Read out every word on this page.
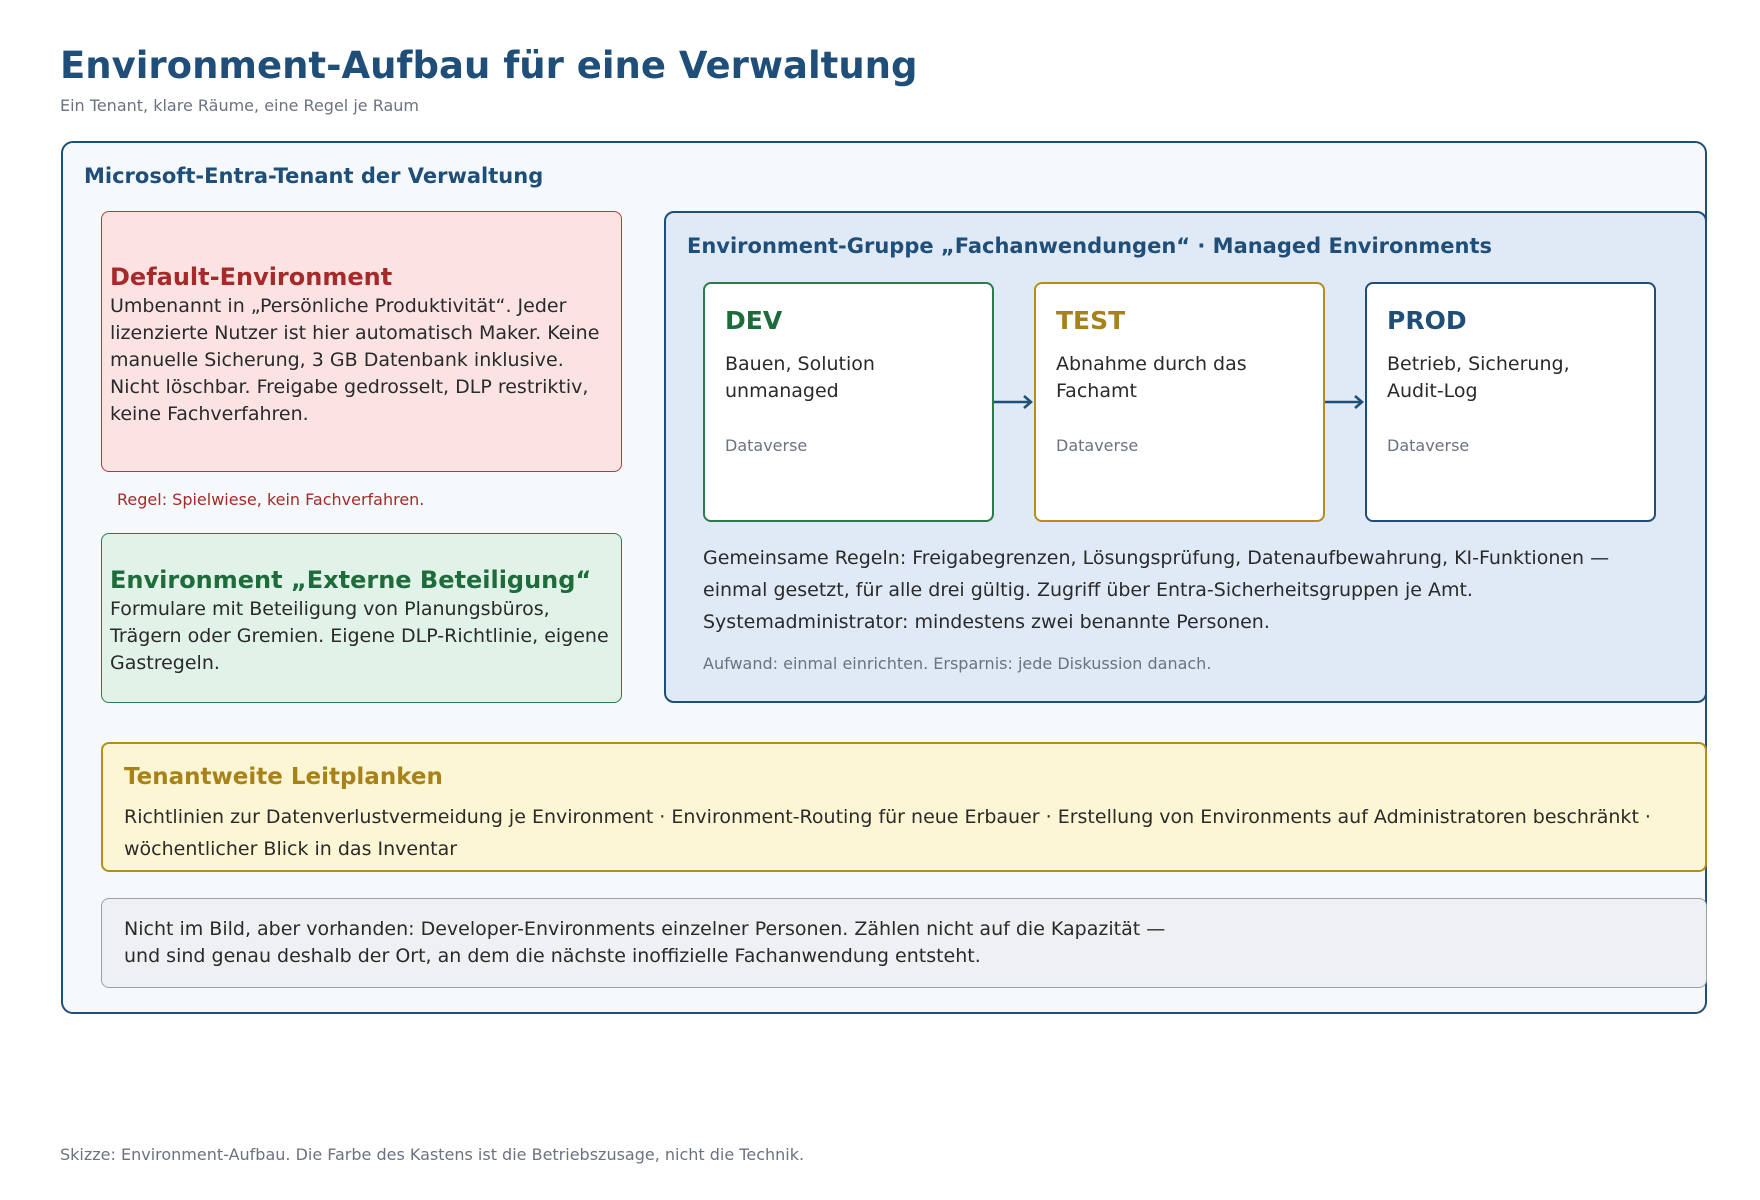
Environment-Aufbau für eine Verwaltung
Ein Tenant, klare Räume, eine Regel je Raum
Microsoft-Entra-Tenant der Verwaltung
Default-Environment
Umbenannt in „Persönliche Produktivität“. Jeder lizenzierte Nutzer ist hier automatisch Maker. Keine manuelle Sicherung, 3 GB Datenbank inklusive. Nicht löschbar. Freigabe gedrosselt, DLP restriktiv, keine Fachverfahren.
Regel: Spielwiese, kein Fachverfahren.
Environment „Externe Beteiligung“
Formulare mit Beteiligung von Planungsbüros, Trägern oder Gremien. Eigene DLP-Richtlinie, eigene Gastregeln.
Environment-Gruppe „Fachanwendungen“ · Managed Environments
DEV
Bauen, Solution unmanaged
Dataverse
TEST
Abnahme durch das Fachamt
Dataverse
PROD
Betrieb, Sicherung, Audit-Log
Dataverse
Gemeinsame Regeln: Freigabegrenzen, Lösungsprüfung, Datenaufbewahrung, KI-Funktionen — einmal gesetzt, für alle drei gültig. Zugriff über Entra-Sicherheitsgruppen je Amt. Systemadministrator: mindestens zwei benannte Personen.
Aufwand: einmal einrichten. Ersparnis: jede Diskussion danach.
Tenantweite Leitplanken
Richtlinien zur Datenverlustvermeidung je Environment · Environment-Routing für neue Erbauer · Erstellung von Environments auf Administratoren beschränkt · wöchentlicher Blick in das Inventar
Nicht im Bild, aber vorhanden: Developer-Environments einzelner Personen. Zählen nicht auf die Kapazität —
und sind genau deshalb der Ort, an dem die nächste inoffizielle Fachanwendung entsteht.
Skizze: Environment-Aufbau. Die Farbe des Kastens ist die Betriebszusage, nicht die Technik.
